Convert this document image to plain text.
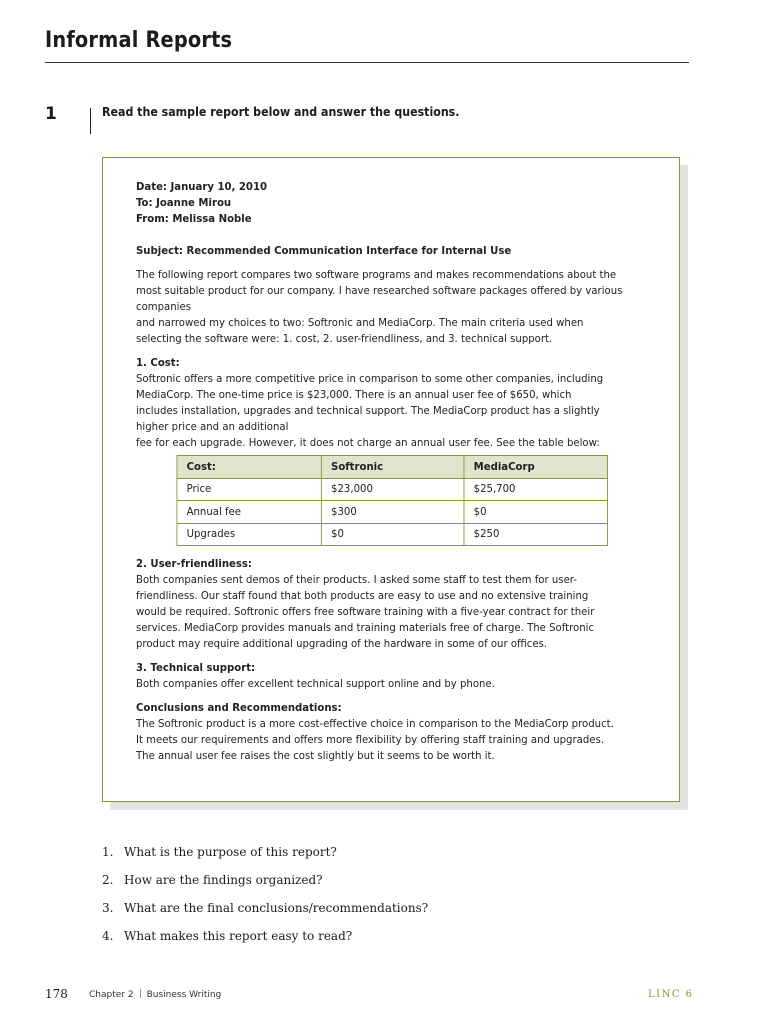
Informal Reports
1	Read the sample report below and answer the questions.
Date: January 10, 2010
To: Joanne Mirou
From: Melissa Noble
Subject: Recommended Communication Interface for Internal Use
The following report compares two software programs and makes recommendations about the
most suitable product for our company. I have researched software packages offered by various
companies
and narrowed my choices to two: Softronic and MediaCorp. The main criteria used when
selecting the software were: 1. cost, 2. user-friendliness, and 3. technical support.
1. Cost:
Softronic offers a more competitive price in comparison to some other companies, including
MediaCorp. The one-time price is $23,000. There is an annual user fee of $650, which
includes installation, upgrades and technical support. The MediaCorp product has a slightly
higher price and an additional
fee for each upgrade. However, it does not charge an annual user fee. See the table below:
Cost:	Softronic	MediaCorp
Price	$23,000	$25,700
Annual fee	$300	$0
Upgrades	$0	$250
2. User-friendliness:
Both companies sent demos of their products. I asked some staff to test them for user-
friendliness. Our staff found that both products are easy to use and no extensive training
would be required. Softronic offers free software training with a five-year contract for their
services. MediaCorp provides manuals and training materials free of charge. The Softronic
product may require additional upgrading of the hardware in some of our offices.
3. Technical support:
Both companies offer excellent technical support online and by phone.
Conclusions and Recommendations:
The Softronic product is a more cost-effective choice in comparison to the MediaCorp product.
It meets our requirements and offers more flexibility by offering staff training and upgrades.
The annual user fee raises the cost slightly but it seems to be worth it.
1. What is the purpose of this report?
2. How are the findings organized?
3. What are the final conclusions/recommendations?
4. What makes this report easy to read?
178 Chapter 2 Business Writing	LINC 6
